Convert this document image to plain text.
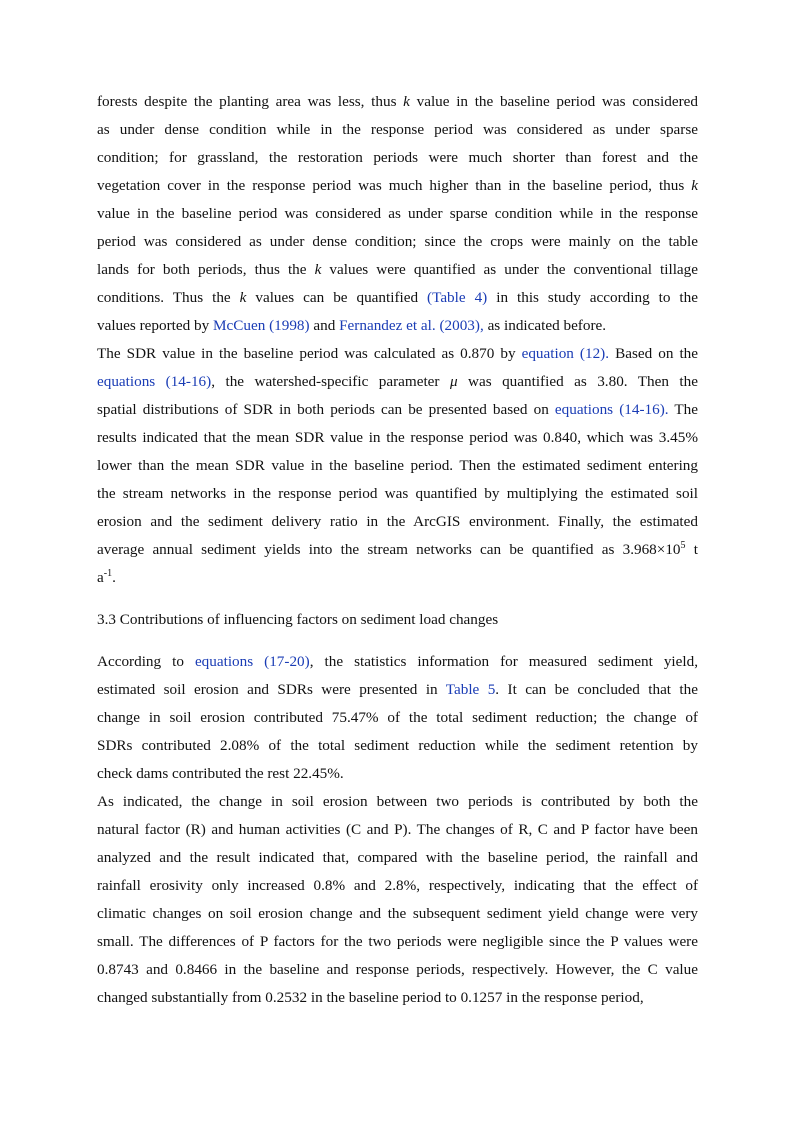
forests despite the planting area was less, thus k value in the baseline period was considered
as under dense condition while in the response period was considered as under sparse
condition; for grassland, the restoration periods were much shorter than forest and the
vegetation cover in the response period was much higher than in the baseline period, thus k
value in the baseline period was considered as under sparse condition while in the response
period was considered as under dense condition; since the crops were mainly on the table
lands for both periods, thus the k values were quantified as under the conventional tillage
conditions. Thus the k values can be quantified (Table 4) in this study according to the
values reported by McCuen (1998) and Fernandez et al. (2003), as indicated before.
The SDR value in the baseline period was calculated as 0.870 by equation (12). Based on the
equations (14-16), the watershed-specific parameter μ was quantified as 3.80. Then the
spatial distributions of SDR in both periods can be presented based on equations (14-16). The
results indicated that the mean SDR value in the response period was 0.840, which was 3.45%
lower than the mean SDR value in the baseline period. Then the estimated sediment entering
the stream networks in the response period was quantified by multiplying the estimated soil
erosion and the sediment delivery ratio in the ArcGIS environment. Finally, the estimated
average annual sediment yields into the stream networks can be quantified as $3.968\times 10^5$ t
$a^{-1}$.
3.3 Contributions of influencing factors on sediment load changes
According to equations (17-20), the statistics information for measured sediment yield,
estimated soil erosion and SDRs were presented in Table 5. It can be concluded that the
change in soil erosion contributed 75.47% of the total sediment reduction; the change of
SDRs contributed 2.08% of the total sediment reduction while the sediment retention by
check dams contributed the rest 22.45%.
As indicated, the change in soil erosion between two periods is contributed by both the
natural factor (R) and human activities (C and P). The changes of R, C and P factor have been
analyzed and the result indicated that, compared with the baseline period, the rainfall and
rainfall erosivity only increased 0.8% and 2.8%, respectively, indicating that the effect of
climatic changes on soil erosion change and the subsequent sediment yield change were very
small. The differences of P factors for the two periods were negligible since the P values were
0.8743 and 0.8466 in the baseline and response periods, respectively. However, the C value
changed substantially from 0.2532 in the baseline period to 0.1257 in the response period,
